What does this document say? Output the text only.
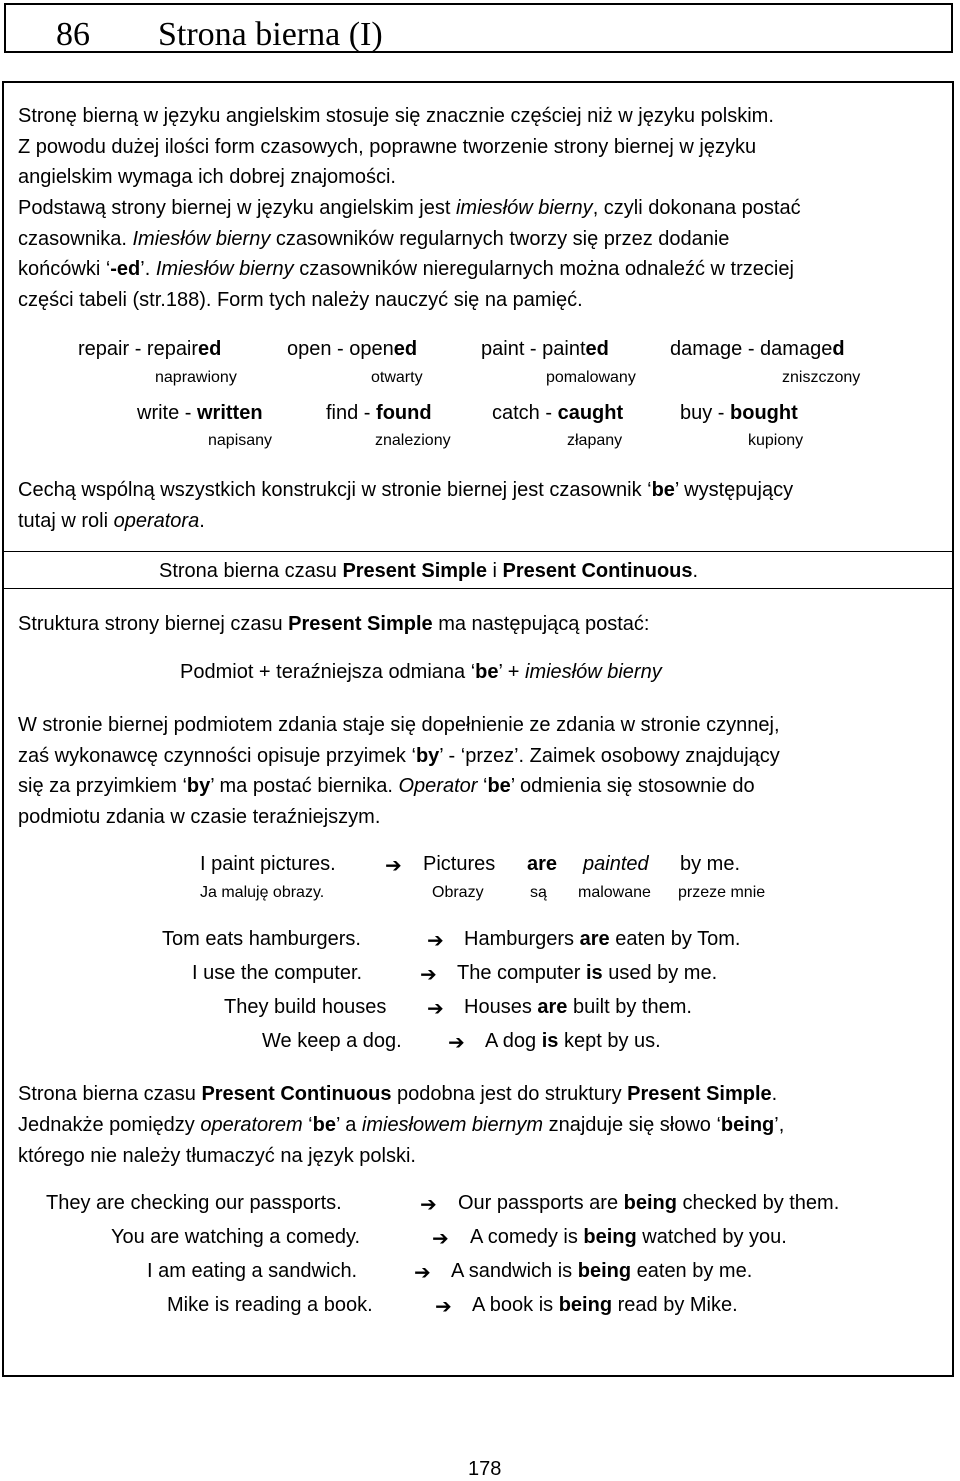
86 Strona bierna (I)
Stronę bierną w języku angielskim stosuje się znacznie częściej niż w języku polskim.
Z powodu dużej ilości form czasowych, poprawne tworzenie strony biernej w języku
angielskim wymaga ich dobrej znajomości.
Podstawą strony biernej w języku angielskim jest imiesłów bierny, czyli dokonana postać
czasownika. Imiesłów bierny czasowników regularnych tworzy się przez dodanie
końcówki ‘-ed’. Imiesłów bierny czasowników nieregularnych można odnaleźć w trzeciej
części tabeli (str.188). Form tych należy nauczyć się na pamięć.
repair - repaired	open - opened	paint - painted	damage - damaged
naprawiony	otwarty	pomalowany	zniszczony
write - written	find - found	catch - caught	buy - bought
napisany	znaleziony	złapany	kupiony
Cechą wspólną wszystkich konstrukcji w stronie biernej jest czasownik ‘be’ występujący
tutaj w roli operatora.
Strona bierna czasu Present Simple i Present Continuous.
Struktura strony biernej czasu Present Simple ma następującą postać:
Podmiot + teraźniejsza odmiana ‘be’ + imiesłów bierny
W stronie biernej podmiotem zdania staje się dopełnienie ze zdania w stronie czynnej,
zaś wykonawcę czynności opisuje przyimek ‘by’ - ‘przez’. Zaimek osobowy znajdujący
się za przyimkiem ‘by’ ma postać biernika. Operator ‘be’ odmienia się stosownie do
podmiotu zdania w czasie teraźniejszym.
I paint pictures. ➔ Pictures are painted by me.
Ja maluję obrazy.	Obrazy	są malowane przeze mnie
Tom eats hamburgers.	➔ Hamburgers are eaten by Tom.
I use the computer.	➔ The computer is used by me.
They build houses ➔ Houses are built by them.
We keep a dog. ➔ A dog is kept by us.
Strona bierna czasu Present Continuous podobna jest do struktury Present Simple.
Jednakże pomiędzy operatorem ‘be’ a imiesłowem biernym znajduje się słowo ‘being’,
którego nie należy tłumaczyć na język polski.
They are checking our passports.	➔ Our passports are being checked by them.
You are watching a comedy.	➔ A comedy is being watched by you.
I am eating a sandwich.	➔ A sandwich is being eaten by me.
Mike is reading a book.	➔ A book is being read by Mike.
178
